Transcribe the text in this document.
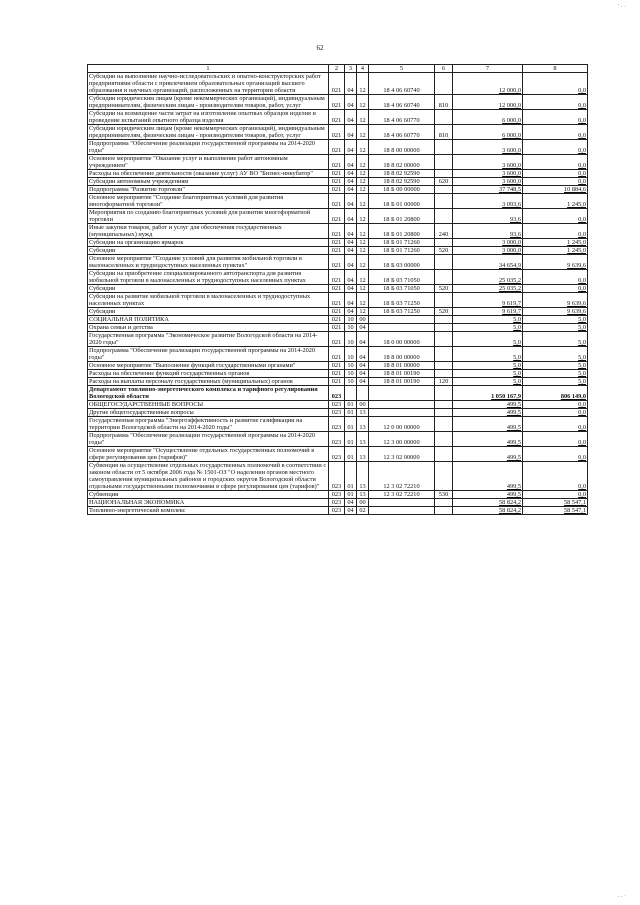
' · ·
62
1	2	3	4	5	6	7	8
Субсидии на выполнение научно-исследовательских и опытно-конструкторских работ предприятиями области с привлечением образовательных организаций высшего образования и научных организаций, расположенных на территории области	021	04	12	18 4 06 60740		12 000,0	0,0
Субсидии юридическим лицам (кроме некоммерческих организаций), индивидуальным предпринимателям, физическим лицам - производителям товаров, работ, услуг	021	04	12	18 4 06 60740	810	12 000,0	0,0
Субсидии на возмещение части затрат на изготовление опытных образцов изделия и проведение испытаний опытного образца изделия	021	04	12	18 4 06 60770		6 000,0	0,0
Субсидии юридическим лицам (кроме некоммерческих организаций), индивидуальным предпринимателям, физическим лицам - производителям товаров, работ, услуг	021	04	12	18 4 06 60770	810	6 000,0	0,0
Подпрограмма "Обеспечение реализации государственной программы на 2014-2020 годы"	021	04	12	18 8 00 00000		3 600,0	0,0
Основное мероприятие "Оказание услуг и выполнение работ автономным учреждением"	021	04	12	18 8 02 00000		3 600,0	0,0
Расходы на обеспечение деятельности (оказание услуг) АУ ВО "Бизнес-инкубатор"	021	04	12	18 8 02 92590		3 600,0	0,0
Субсидии автономным учреждениям	021	04	12	18 8 02 92590	620	3 600,0	0,0
Подпрограмма "Развитие торговли"	021	04	12	18 Б 00 00000		37 748,5	10 884,6
Основное мероприятие "Создание благоприятных условий для развития многоформатной торговли"	021	04	12	18 Б 01 00000		3 093,6	1 245,0
Мероприятия по созданию благоприятных условий для развития многоформатной торговли	021	04	12	18 Б 01 20800		93,6	0,0
Иные закупки товаров, работ и услуг для обеспечения государственных (муниципальных) нужд	021	04	12	18 Б 01 20800	240	93,6	0,0
Субсидии на организацию ярмарок	021	04	12	18 Б 01 71260		3 000,0	1 245,0
Субсидии	021	04	12	18 Б 01 71260	520	3 000,0	1 245,0
Основное мероприятие "Создание условий для развития мобильной торговли в малонаселенных и труднодоступных населенных пунктах"	021	04	12	18 Б 03 00000		34 654,9	9 639,6
Субсидии на приобретение специализированного автотранспорта для развития мобильной торговли в малонаселенных и труднодоступных населенных пунктах	021	04	12	18 Б 03 71050		25 035,2	0,0
Субсидии	021	04	12	18 Б 03 71050	520	25 035,2	0,0
Субсидии на развитие мобильной торговли в малонаселенных и труднодоступных населенных пунктах	021	04	12	18 Б 03 71250		9 619,7	9 639,6
Субсидии	021	04	12	18 Б 03 71250	520	9 619,7	9 639,6
СОЦИАЛЬНАЯ ПОЛИТИКА	021	10	00			5,0	5,0
Охрана семьи и детства	021	10	04			5,0	5,0
Государственная программа "Экономическое развитие Вологодской области на 2014-2020 годы"	021	10	04	18 0 00 00000		5,0	5,0
Подпрограмма "Обеспечение реализации государственной программы на 2014-2020 годы"	021	10	04	18 8 00 00000		5,0	5,0
Основное мероприятие "Выполнение функций государственными органами"	021	10	04	18 8 01 00000		5,0	5,0
Расходы на обеспечение функций государственных органов	021	10	04	18 8 01 00190		5,0	5,0
Расходы на выплаты персоналу государственных (муниципальных) органов	021	10	04	18 8 01 00190	120	5,0	5,0
Департамент топливно-энергетического комплекса и тарифного регулирования Вологодской области	023					1 050 167,9	806 149,0
ОБЩЕГОСУДАРСТВЕННЫЕ ВОПРОСЫ	023	01	00			499,5	0,0
Другие общегосударственные вопросы	023	01	13			499,5	0,0
Государственная программа "Энергоэффективность и развитие газификации на территории Вологодской области на 2014-2020 годы"	023	01	13	12 0 00 00000		499,5	0,0
Подпрограмма "Обеспечение реализации государственной программы на 2014-2020 годы"	023	01	13	12 3 00 00000		499,5	0,0
Основное мероприятие "Осуществление отдельных государственных полномочий в сфере регулирования цен (тарифов)"	023	01	13	12 3 02 00000		499,5	0,0
Субвенция на осуществление отдельных государственных полномочий в соответствии с законом области от 5 октября 2006 года № 1501-ОЗ "О наделении органов местного самоуправления муниципальных районов и городских округов Вологодской области отдельными государственными полномочиями в сфере регулирования цен (тарифов)"	023	01	13	12 3 02 72210		499,5	0,0
Субвенции	023	01	13	12 3 02 72210	530	499,5	0,0
НАЦИОНАЛЬНАЯ ЭКОНОМИКА	023	04	00			58 824,2	58 547,1
Топливно-энергетический комплекс	023	04	02			58 824,2	58 547,1
. . ·
